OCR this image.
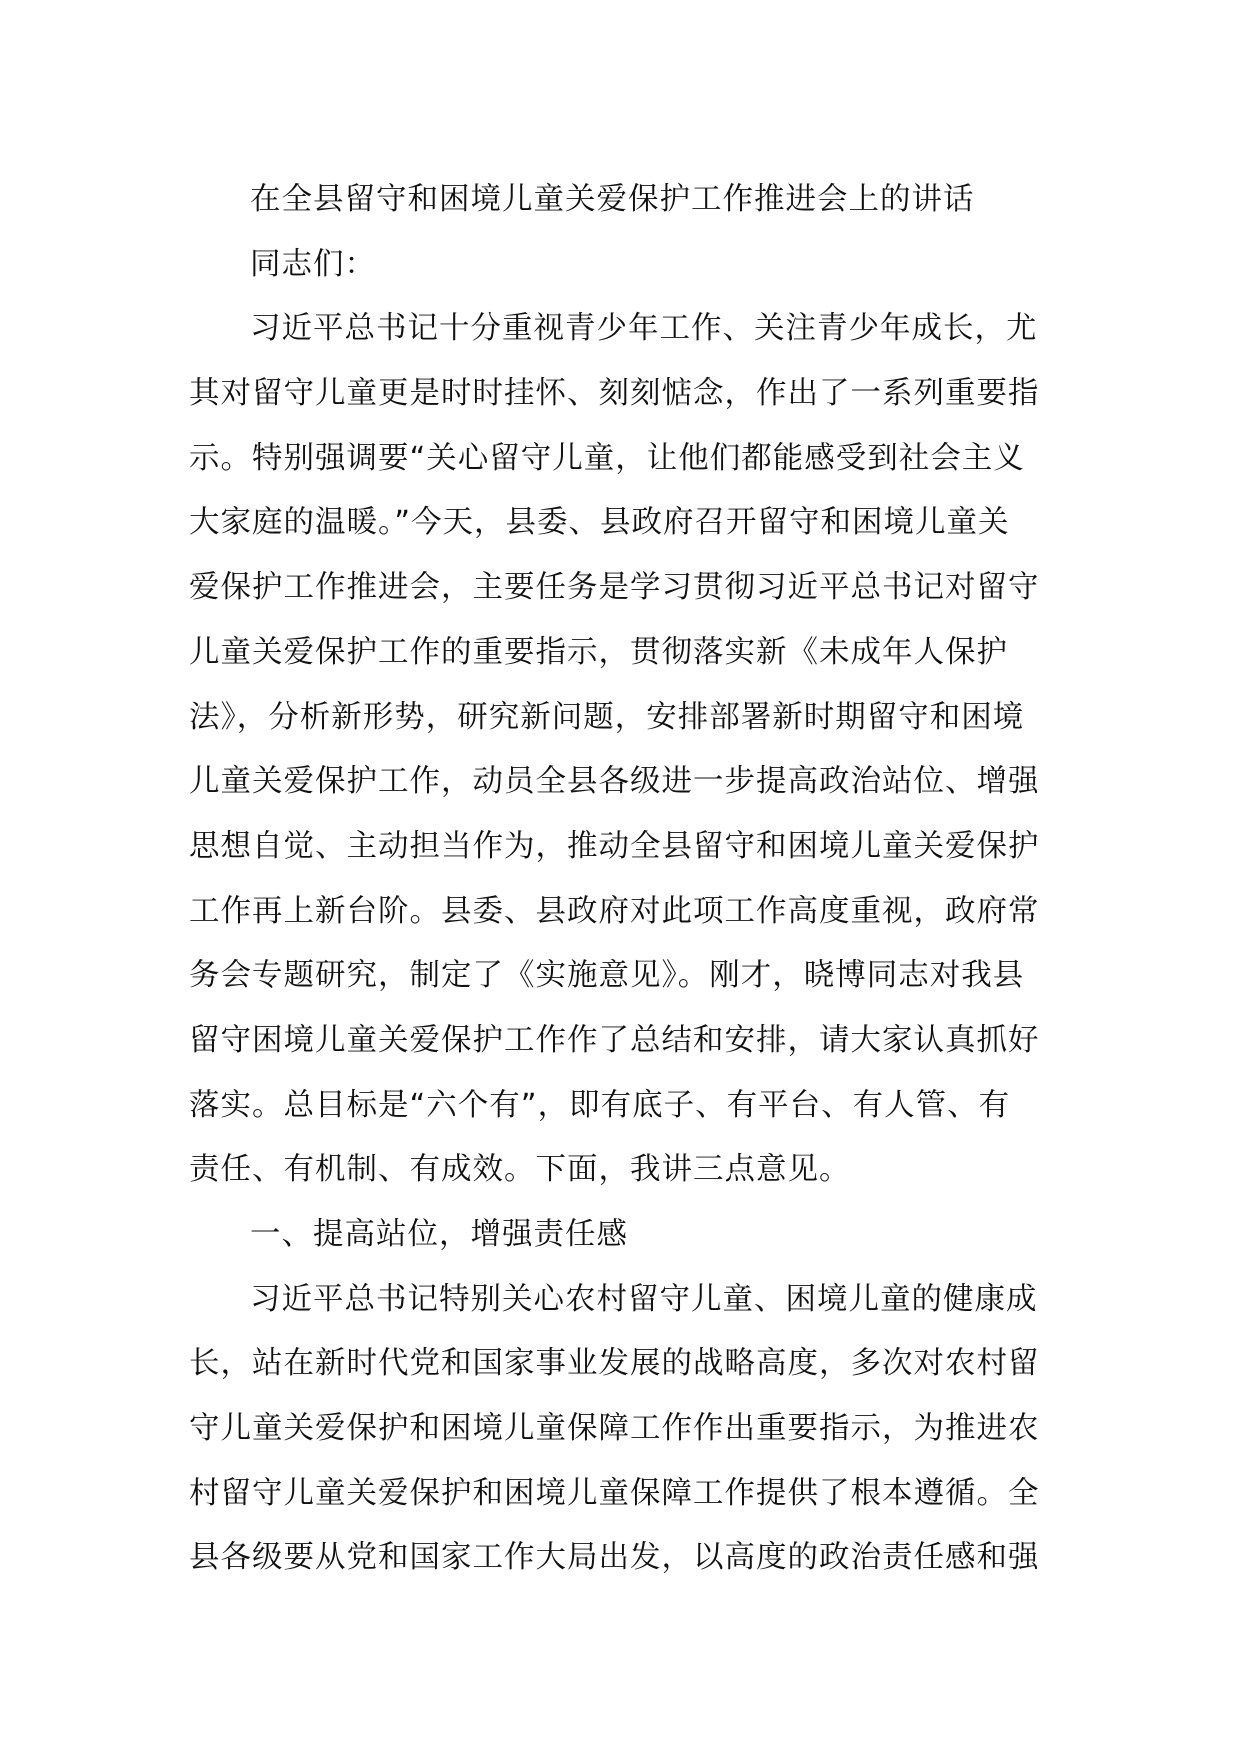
在全县留守和困境儿童关爱保护工作推进会上的讲话
同志们：
习近平总书记十分重视青少年工作、关注青少年成长，尤
其对留守儿童更是时时挂怀、刻刻惦念，作出了一系列重要指
示。特别强调要“关心留守儿童，让他们都能感受到社会主义
大家庭的温暖。”今天，县委、县政府召开留守和困境儿童关
爱保护工作推进会，主要任务是学习贯彻习近平总书记对留守
儿童关爱保护工作的重要指示，贯彻落实新《未成年人保护
法》，分析新形势，研究新问题，安排部署新时期留守和困境
儿童关爱保护工作，动员全县各级进一步提高政治站位、增强
思想自觉、主动担当作为，推动全县留守和困境儿童关爱保护
工作再上新台阶。县委、县政府对此项工作高度重视，政府常
务会专题研究，制定了《实施意见》。刚才，晓博同志对我县
留守困境儿童关爱保护工作作了总结和安排，请大家认真抓好
落实。总目标是“六个有”，即有底子、有平台、有人管、有
责任、有机制、有成效。下面，我讲三点意见。
一、提高站位，增强责任感
习近平总书记特别关心农村留守儿童、困境儿童的健康成
长，站在新时代党和国家事业发展的战略高度，多次对农村留
守儿童关爱保护和困境儿童保障工作作出重要指示，为推进农
村留守儿童关爱保护和困境儿童保障工作提供了根本遵循。全
县各级要从党和国家工作大局出发，以高度的政治责任感和强
